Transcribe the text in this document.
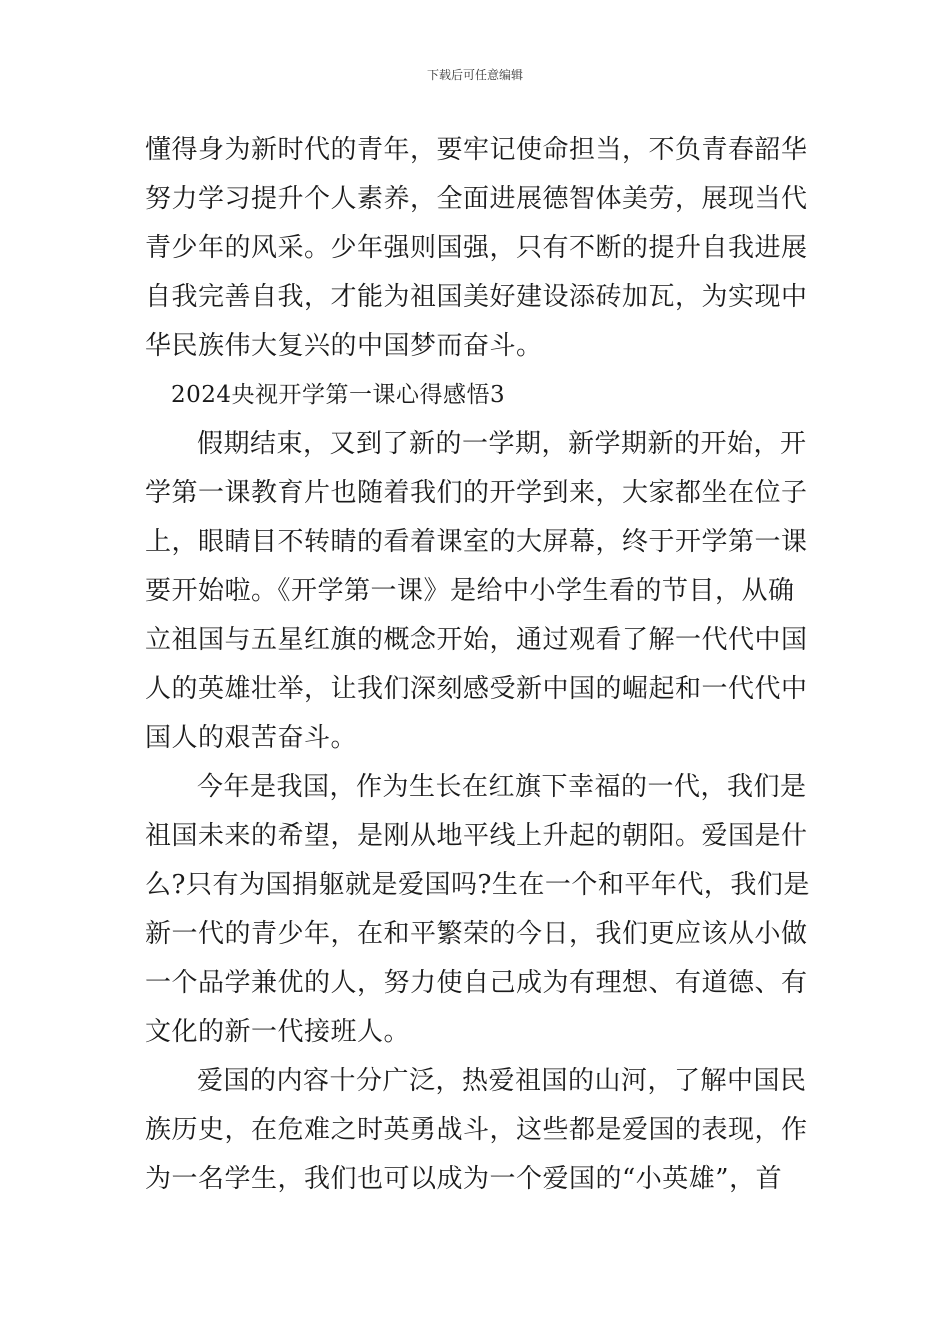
下载后可任意编辑
懂得身为新时代的青年，要牢记使命担当，不负青春韶华
努力学习提升个人素养，全面进展德智体美劳，展现当代
青少年的风采。少年强则国强，只有不断的提升自我进展
自我完善自我，才能为祖国美好建设添砖加瓦，为实现中
华民族伟大复兴的中国梦而奋斗。
2024央视开学第一课心得感悟3
假期结束，又到了新的一学期，新学期新的开始，开
学第一课教育片也随着我们的开学到来，大家都坐在位子
上，眼睛目不转睛的看着课室的大屏幕，终于开学第一课
要开始啦。《开学第一课》是给中小学生看的节目，从确
立祖国与五星红旗的概念开始，通过观看了解一代代中国
人的英雄壮举，让我们深刻感受新中国的崛起和一代代中
国人的艰苦奋斗。
今年是我国，作为生长在红旗下幸福的一代，我们是
祖国未来的希望，是刚从地平线上升起的朝阳。爱国是什
么?只有为国捐躯就是爱国吗?生在一个和平年代，我们是
新一代的青少年，在和平繁荣的今日，我们更应该从小做
一个品学兼优的人，努力使自己成为有理想、有道德、有
文化的新一代接班人。
爱国的内容十分广泛，热爱祖国的山河，了解中国民
族历史，在危难之时英勇战斗，这些都是爱国的表现，作
为一名学生，我们也可以成为一个爱国的“小英雄”，首
